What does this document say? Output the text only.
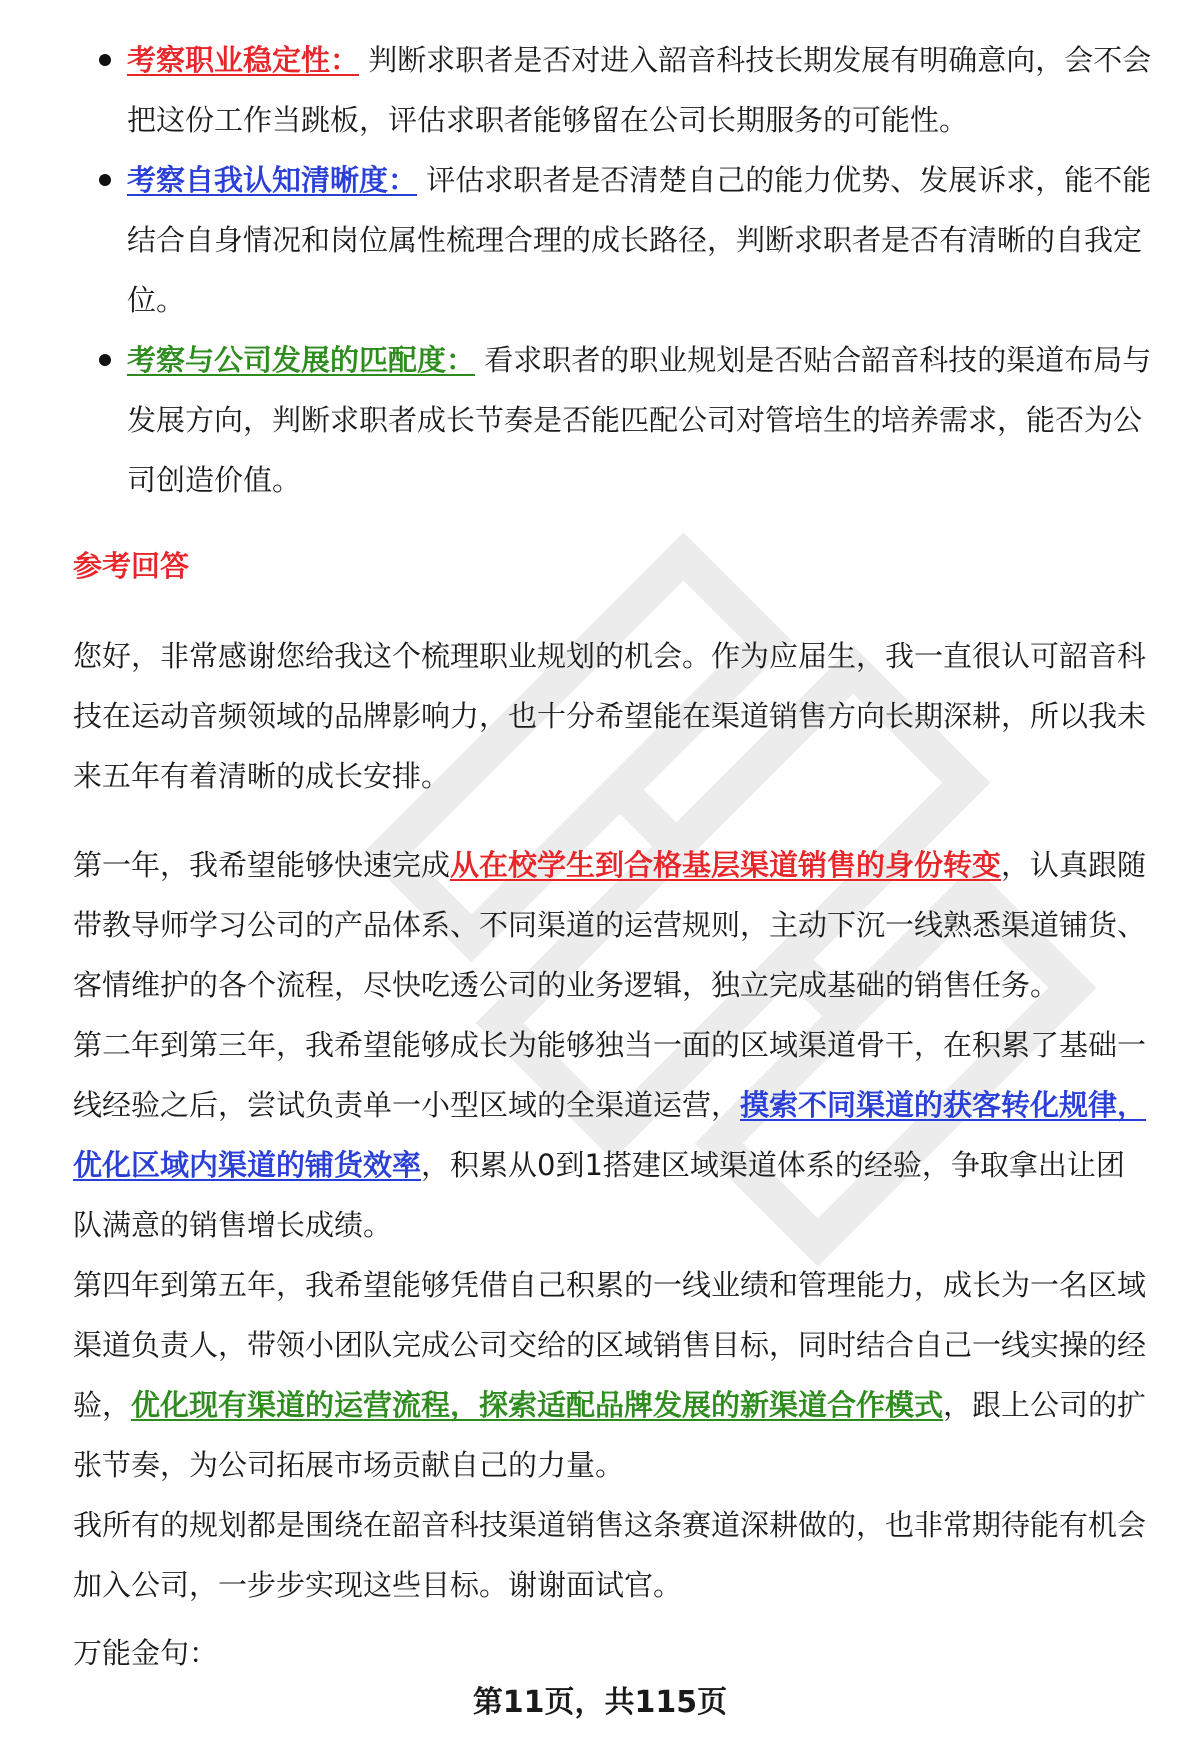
考察职业稳定性： 判断求职者是否对进入韶音科技长期发展有明确意向，会不会把这份工作当跳板，评估求职者能够留在公司长期服务的可能性。
考察自我认知清晰度： 评估求职者是否清楚自己的能力优势、发展诉求，能不能结合自身情况和岗位属性梳理合理的成长路径，判断求职者是否有清晰的自我定位。
考察与公司发展的匹配度： 看求职者的职业规划是否贴合韶音科技的渠道布局与发展方向，判断求职者成长节奏是否能匹配公司对管培生的培养需求，能否为公司创造价值。
参考回答

您好，非常感谢您给我这个梳理职业规划的机会。作为应届生，我一直很认可韶音科技在运动音频领域的品牌影响力，也十分希望能在渠道销售方向长期深耕，所以我未来五年有着清晰的成长安排。

第一年，我希望能够快速完成从在校学生到合格基层渠道销售的身份转变，认真跟随带教导师学习公司的产品体系、不同渠道的运营规则，主动下沉一线熟悉渠道铺货、客情维护的各个流程，尽快吃透公司的业务逻辑，独立完成基础的销售任务。

第二年到第三年，我希望能够成长为能够独当一面的区域渠道骨干，在积累了基础一线经验之后，尝试负责单一小型区域的全渠道运营，摸索不同渠道的获客转化规律，优化区域内渠道的铺货效率，积累从0到1搭建区域渠道体系的经验，争取拿出让团队满意的销售增长成绩。

第四年到第五年，我希望能够凭借自己积累的一线业绩和管理能力，成长为一名区域渠道负责人，带领小团队完成公司交给的区域销售目标，同时结合自己一线实操的经验，优化现有渠道的运营流程，探索适配品牌发展的新渠道合作模式，跟上公司的扩张节奏，为公司拓展市场贡献自己的力量。

我所有的规划都是围绕在韶音科技渠道销售这条赛道深耕做的，也非常期待能有机会加入公司，一步步实现这些目标。谢谢面试官。

万能金句：
第11页，共115页
